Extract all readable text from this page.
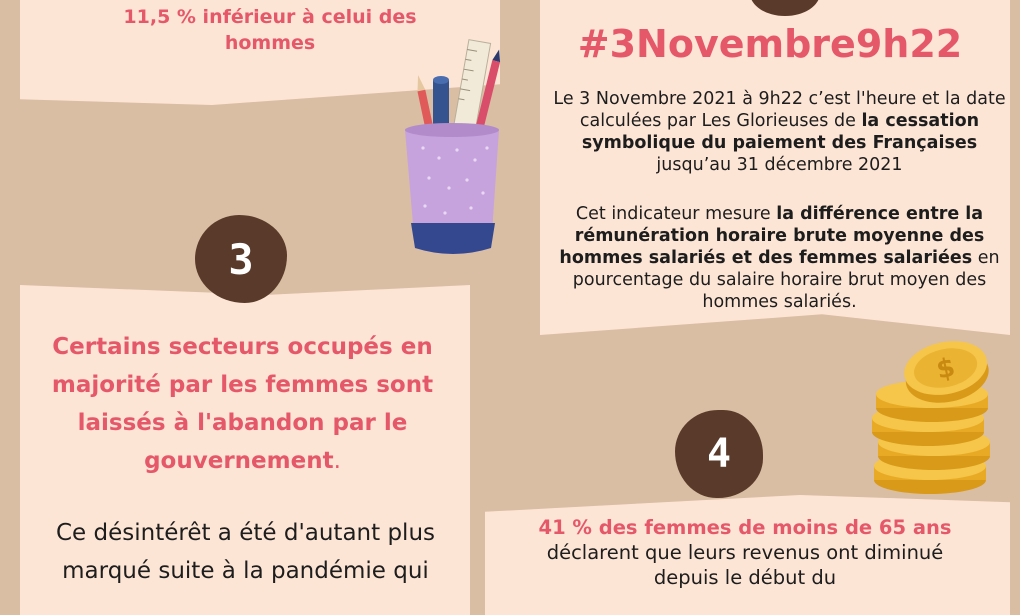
11,5 % inférieur à celui des
hommes	#3Novembre9h22
Le 3 Novembre 2021 à 9h22 c’est l'heure et la date calculées par Les Glorieuses de la cessation symbolique du paiement des Françaises jusqu’au 31 décembre 2021
Cet indicateur mesure la différence entre la rémunération horaire brute moyenne des hommes salariés et des femmes salariées en pourcentage du salaire horaire brut moyen des hommes salariés.
3
Certains secteurs occupés en majorité par les femmes sont laissés à l'abandon par le gouvernement.
Ce désintérêt a été d'autant plus marqué suite à la pandémie qui
4
41 % des femmes de moins de 65 ans déclarent que leurs revenus ont diminué depuis le début du
$
